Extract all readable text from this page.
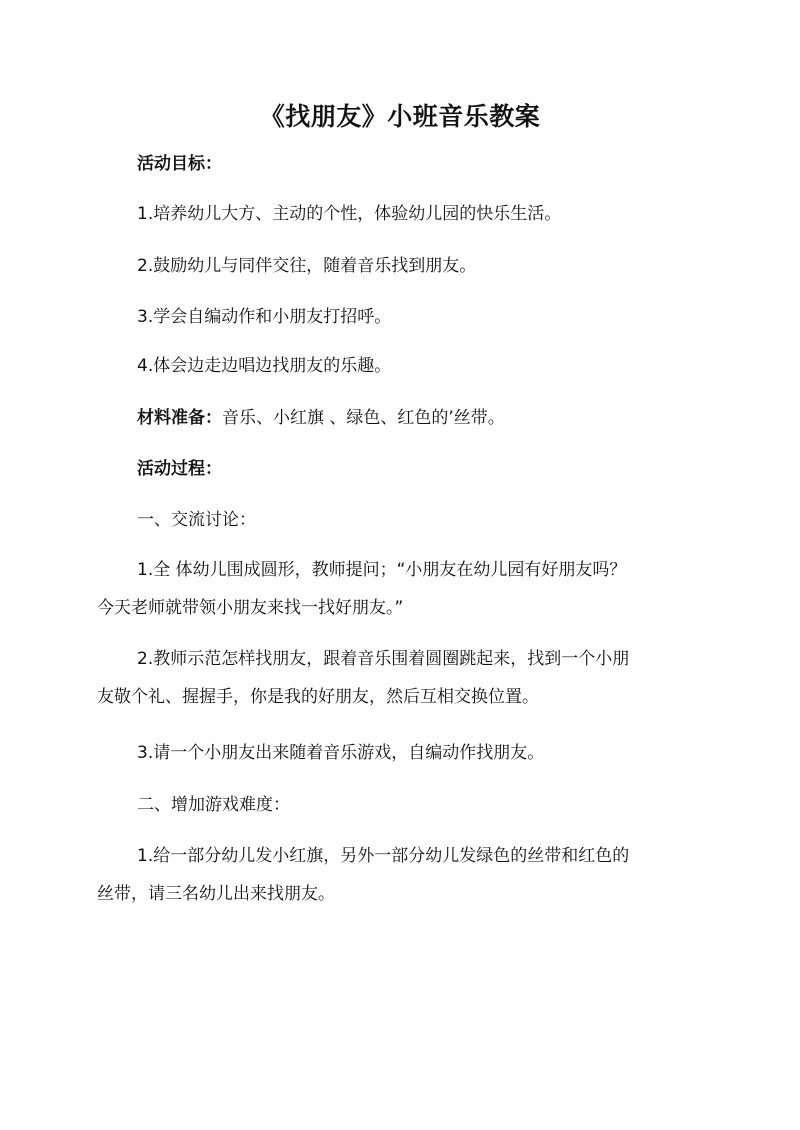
《找朋友》小班音乐教案
活动目标：
1.培养幼儿大方、主动的个性，体验幼儿园的快乐生活。
2.鼓励幼儿与同伴交往，随着音乐找到朋友。
3.学会自编动作和小朋友打招呼。
4.体会边走边唱边找朋友的乐趣。
材料准备：音乐、小红旗 、绿色、红色的’丝带。
活动过程：
一、交流讨论：
1.全 体幼儿围成圆形，教师提问；“小朋友在幼儿园有好朋友吗？
今天老师就带领小朋友来找一找好朋友。”
2.教师示范怎样找朋友，跟着音乐围着圆圈跳起来，找到一个小朋
友敬个礼、握握手，你是我的好朋友，然后互相交换位置。
3.请一个小朋友出来随着音乐游戏，自编动作找朋友。
二、增加游戏难度：
1.给一部分幼儿发小红旗，另外一部分幼儿发绿色的丝带和红色的
丝带，请三名幼儿出来找朋友。
